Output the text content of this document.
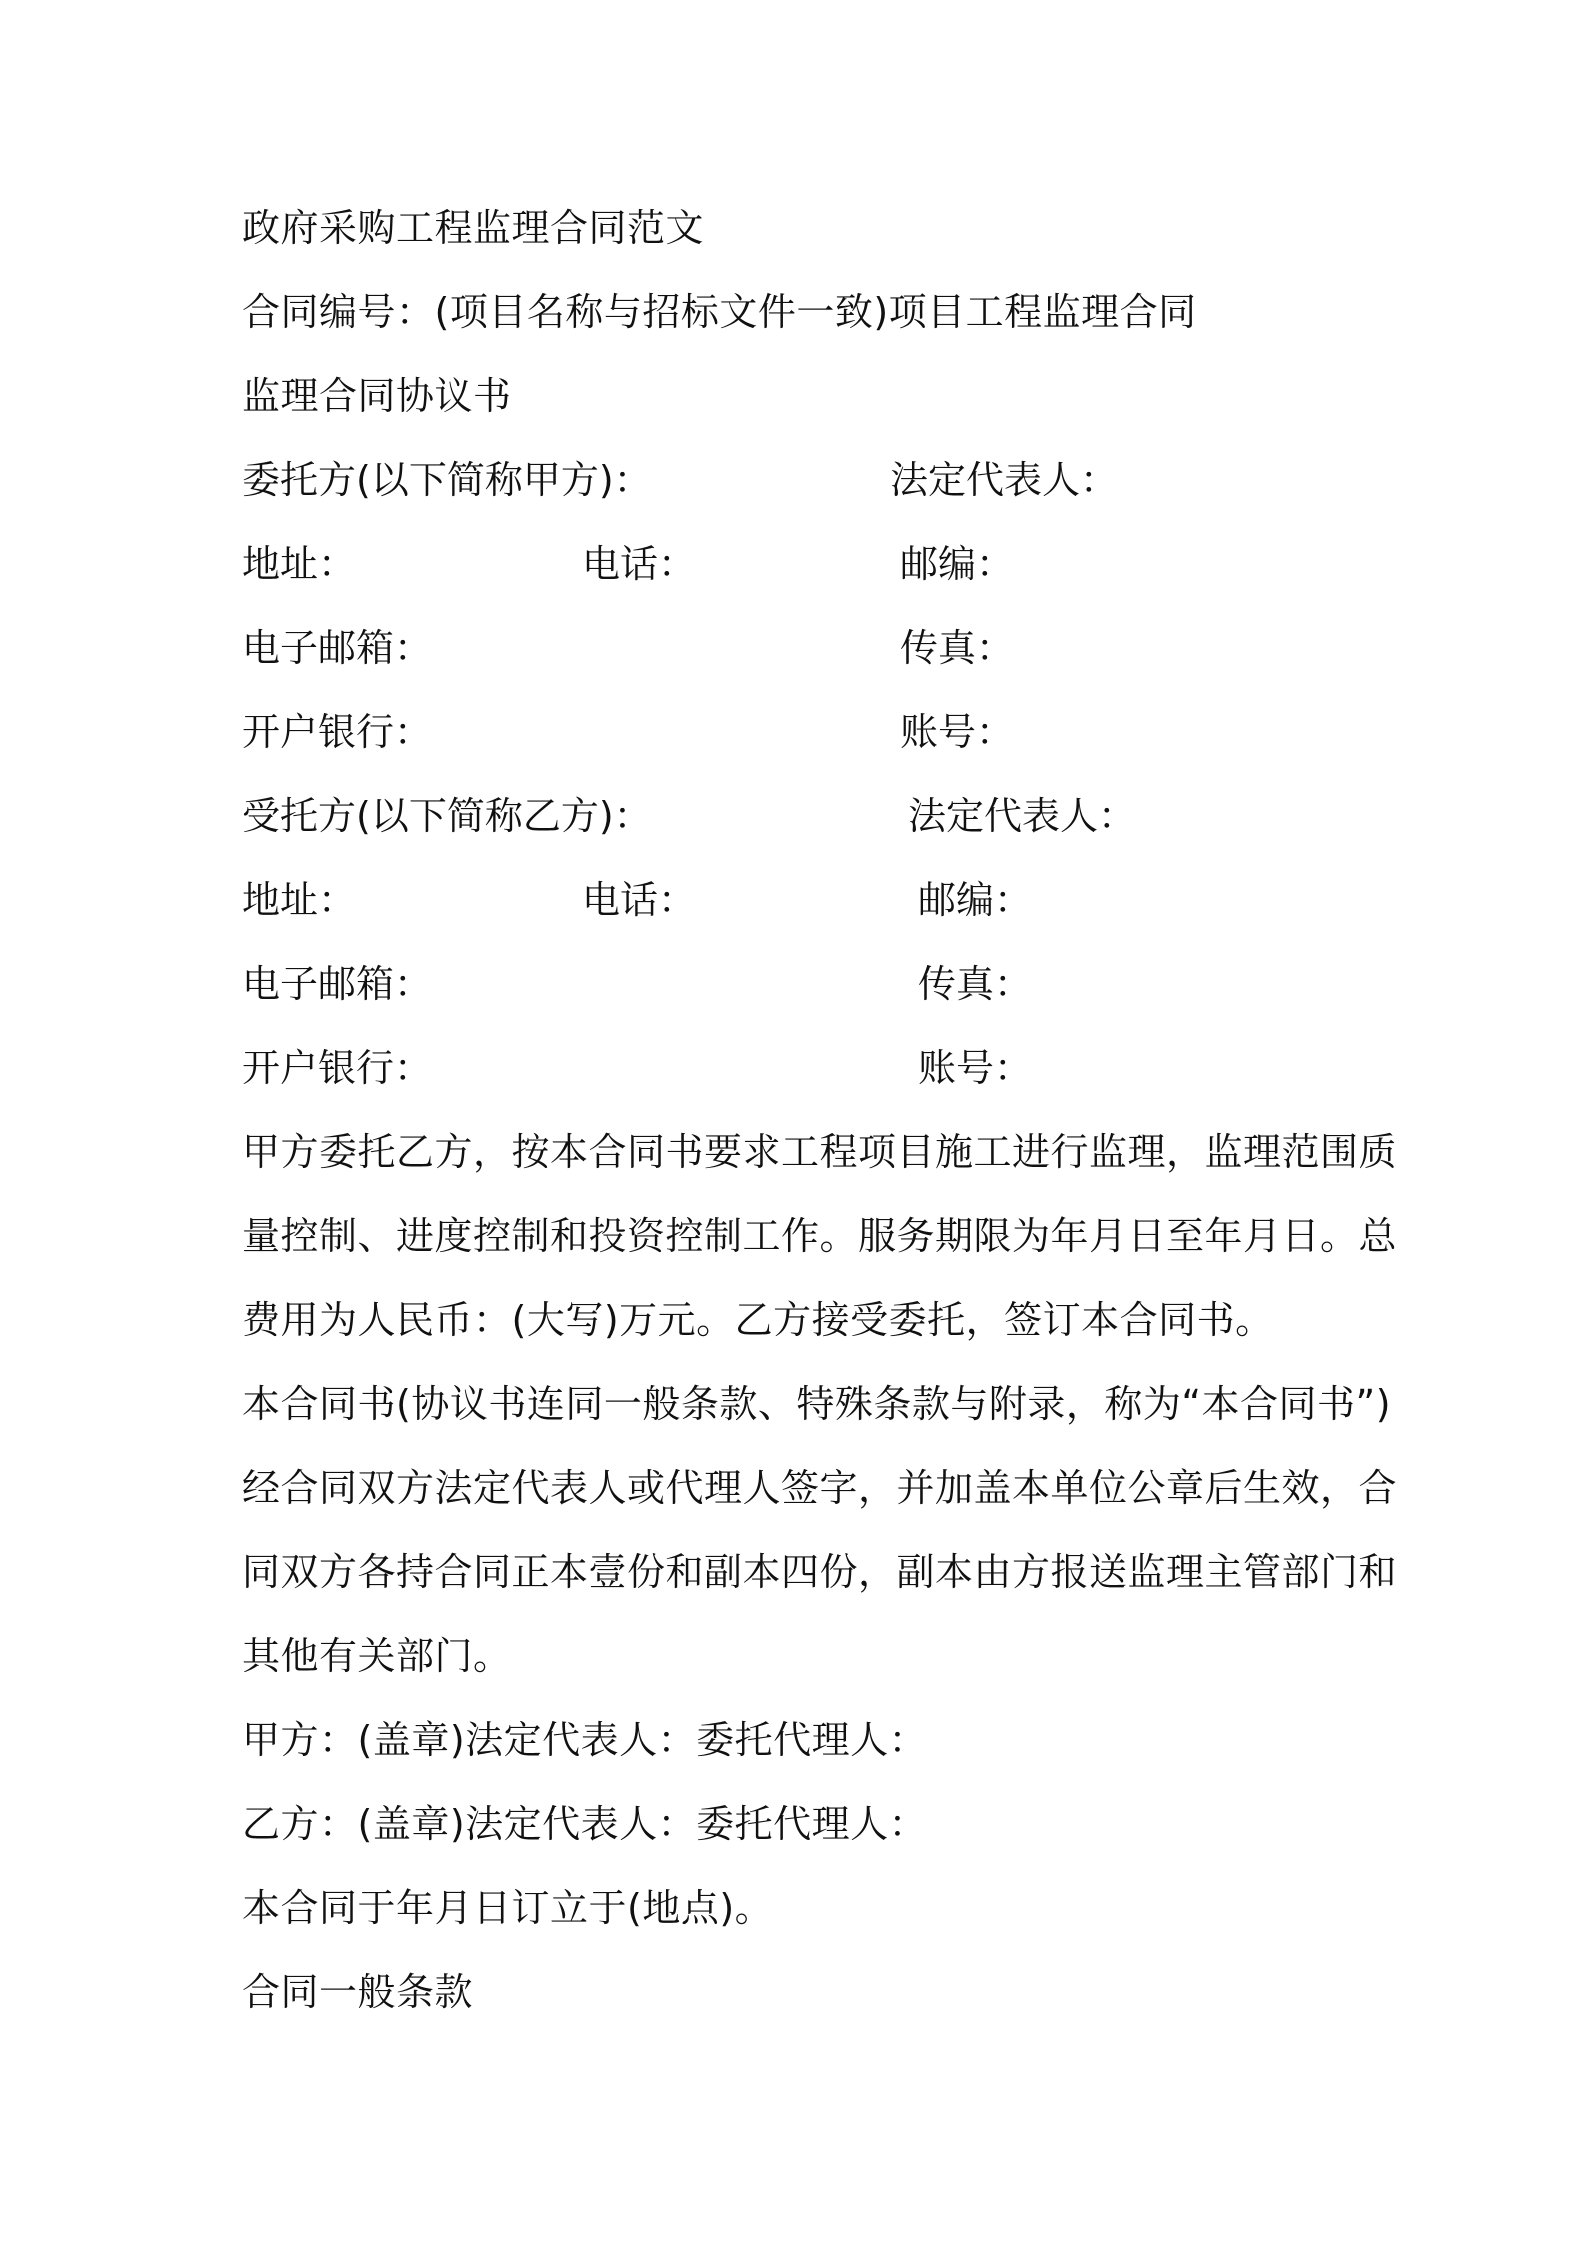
政府采购工程监理合同范文
合同编号：(项目名称与招标文件一致)项目工程监理合同
监理合同协议书
委托方(以下简称甲方)：	法定代表人：
地址：	电话：	邮编：
电子邮箱：	传真：
开户银行：	账号：
受托方(以下简称乙方)：	法定代表人：
地址：	电话：	邮编：
电子邮箱：	传真：
开户银行：	账号：
甲方委托乙方，按本合同书要求工程项目施工进行监理，监理范围质
量控制、进度控制和投资控制工作。服务期限为年月日至年月日。总
费用为人民币：(大写)万元。乙方接受委托，签订本合同书。
本合同书(协议书连同一般条款、特殊条款与附录，称为“本合同书”)
经合同双方法定代表人或代理人签字，并加盖本单位公章后生效，合
同双方各持合同正本壹份和副本四份，副本由方报送监理主管部门和
其他有关部门。
甲方：(盖章)法定代表人：委托代理人：
乙方：(盖章)法定代表人：委托代理人：
本合同于年月日订立于(地点)。
合同一般条款
